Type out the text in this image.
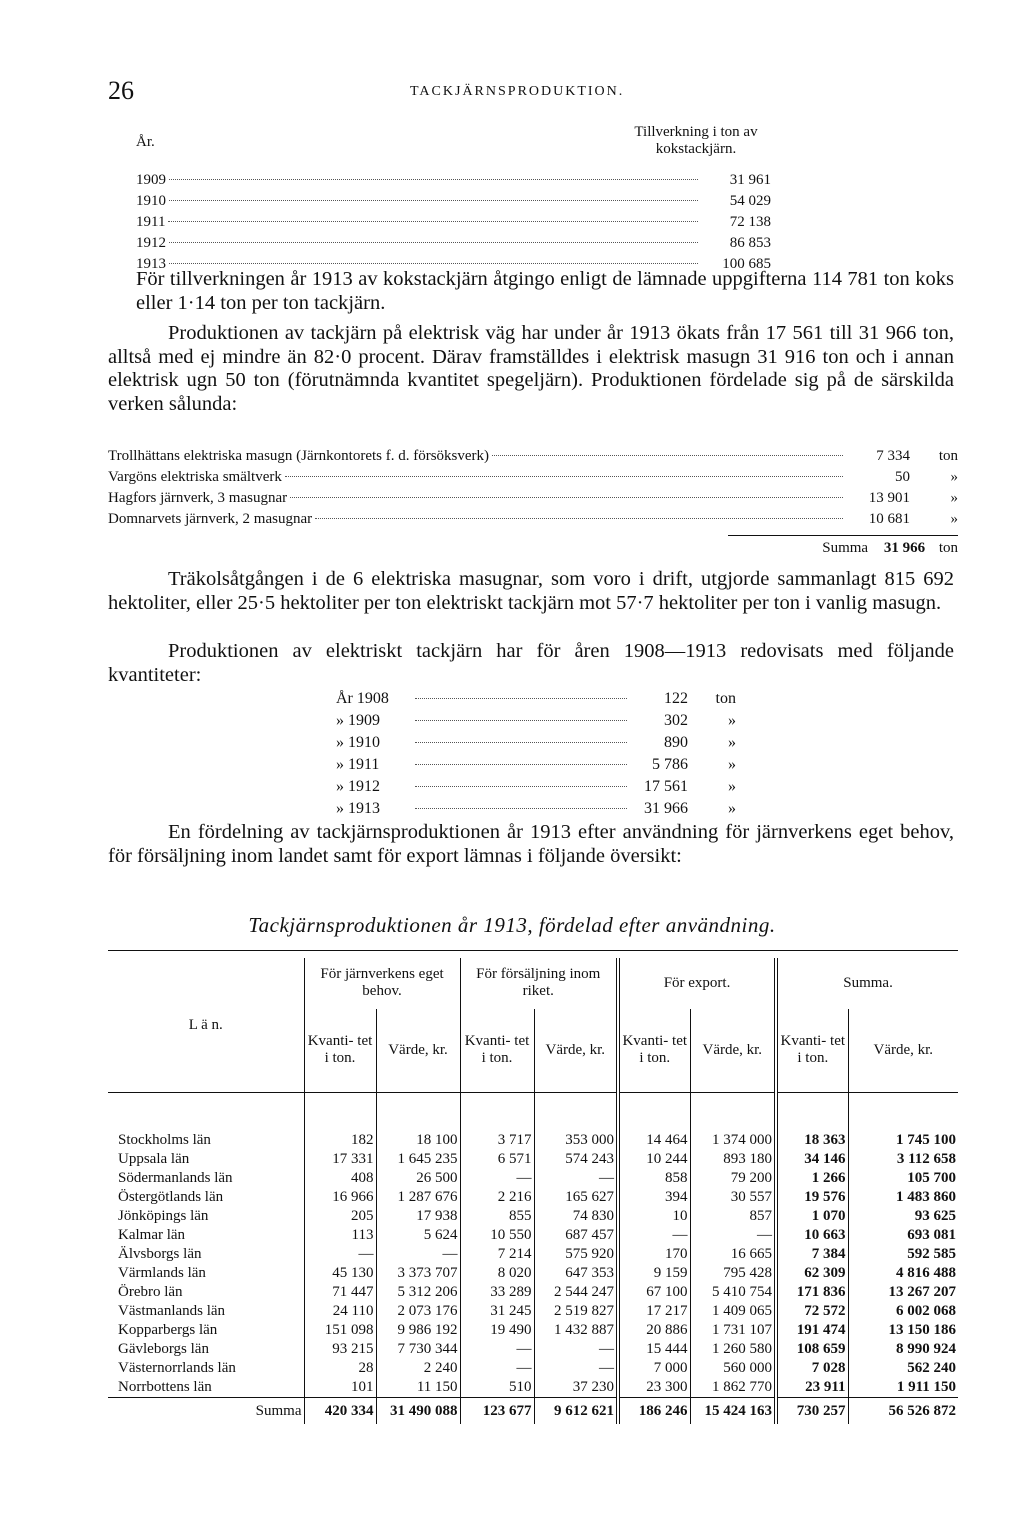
26	TACKJÄRNSPRODUKTION.
År.
Tillverkning i ton av kokstackjärn.
1909	31 961
1910	54 029
1911	72 138
1912	86 853
1913	100 685

För tillverkningen år 1913 av kokstackjärn åtgingo enligt de lämnade uppgifterna 114 781 ton koks eller 1·14 ton per ton tackjärn.

Produktionen av tackjärn på elektrisk väg har under år 1913 ökats från 17 561 till 31 966 ton, alltså med ej mindre än 82·0 procent. Därav framställdes i elektrisk masugn 31 916 ton och i annan elektrisk ugn 50 ton (förutnämnda kvantitet spegeljärn). Produktionen fördelade sig på de särskilda verken sålunda:

Trollhättans elektriska masugn (Järnkontorets f. d. försöksverk)	7 334	ton
Vargöns elektriska smältverk	50	»
Hagfors järnverk, 3 masugnar	13 901	»
Domnarvets järnverk, 2 masugnar	10 681	»
Summa 31 966 ton

Träkolsåtgången i de 6 elektriska masugnar, som voro i drift, utgjorde sammanlagt 815 692 hektoliter, eller 25·5 hektoliter per ton elektriskt tackjärn mot 57·7 hektoliter per ton i vanlig masugn.

Produktionen av elektriskt tackjärn har för åren 1908—1913 redovisats med följande kvantiteter:

År 1908	122	ton
» 1909	302	»
» 1910	890	»
» 1911	5 786	»
» 1912	17 561	»
» 1913	31 966	»

En fördelning av tackjärnsproduktionen år 1913 efter användning för järnverkens eget behov, för försäljning inom landet samt för export lämnas i följande översikt:

Tackjärnsproduktionen år 1913, fördelad efter användning.
L ä n.	För järnverkens eget behov.		För försäljning inom riket.		För export.		Summa.	
	Kvanti- tet i ton.	Värde, kr.	Kvanti- tet i ton.	Värde, kr.	Kvanti- tet i ton.	Värde, kr.	Kvanti- tet i ton.	Värde, kr.

Stockholms län	182	18 100	3 717	353 000	14 464	1 374 000	18 363	1 745 100
Uppsala län	17 331	1 645 235	6 571	574 243	10 244	893 180	34 146	3 112 658
Södermanlands län	408	26 500	—	—	858	79 200	1 266	105 700
Östergötlands län	16 966	1 287 676	2 216	165 627	394	30 557	19 576	1 483 860
Jönköpings län	205	17 938	855	74 830	10	857	1 070	93 625
Kalmar län	113	5 624	10 550	687 457	—	—	10 663	693 081
Älvsborgs län	—	—	7 214	575 920	170	16 665	7 384	592 585
Värmlands län	45 130	3 373 707	8 020	647 353	9 159	795 428	62 309	4 816 488
Örebro län	71 447	5 312 206	33 289	2 544 247	67 100	5 410 754	171 836	13 267 207
Västmanlands län	24 110	2 073 176	31 245	2 519 827	17 217	1 409 065	72 572	6 002 068
Kopparbergs län	151 098	9 986 192	19 490	1 432 887	20 886	1 731 107	191 474	13 150 186
Gävleborgs län	93 215	7 730 344	—	—	15 444	1 260 580	108 659	8 990 924
Västernorrlands län	28	2 240	—	—	7 000	560 000	7 028	562 240
Norrbottens län	101	11 150	510	37 230	23 300	1 862 770	23 911	1 911 150
Summa	420 334	31 490 088	123 677	9 612 621	186 246	15 424 163	730 257	56 526 872
